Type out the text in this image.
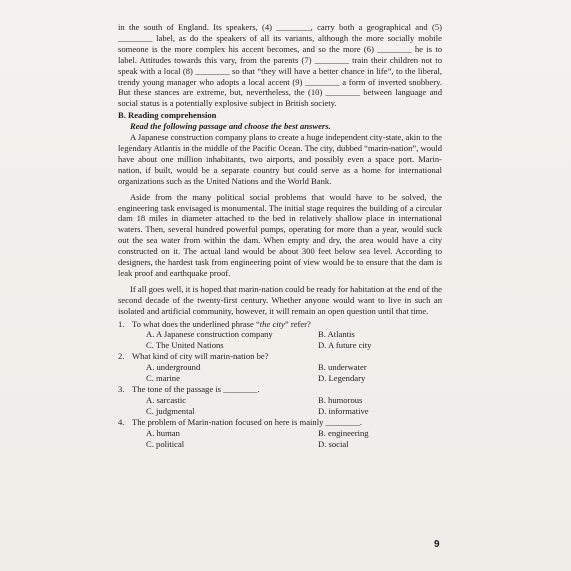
in the south of England. Its speakers, (4) ________, carry both a geographical and (5) ________ label, as do the speakers of all its variants, although the more socially mobile someone is the more complex his accent becomes, and so the more (6) ________ he is to label. Attitudes towards this vary, from the parents (7) ________ train their children not to speak with a local (8) ________ so that “they will have a better chance in life”, to the liberal, trendy young manager who adopts a local accent (9) ________ a form of inverted snobbery. But these stances are extreme, but, nevertheless, the (10) ________ between language and social status is a potentially explosive subject in British society.

B. Reading comprehension

Read the following passage and choose the best answers.

A Japanese construction company plans to create a huge independent city-state, akin to the legendary Atlantis in the middle of the Pacific Ocean. The city, dubbed “marin-nation”, would have about one million inhabitants, two airports, and possibly even a space port. Marin-nation, if built, would be a separate country but could serve as a home for international organizations such as the United Nations and the World Bank.

Aside from the many political social problems that would have to be solved, the engineering task envisaged is monumental. The initial stage requires the building of a circular dam 18 miles in diameter attached to the bed in relatively shallow place in international waters. Then, several hundred powerful pumps, operating for more than a year, would suck out the sea water from within the dam. When empty and dry, the area would have a city constructed on it. The actual land would be about 300 feet below sea level. According to designers, the hardest task from engineering point of view would be to ensure that the dam is leak proof and earthquake proof.

If all goes well, it is hoped that marin-nation could be ready for habitation at the end of the second decade of the twenty-first century. Whether anyone would want to live in such an isolated and artificial community, however, it will remain an open question until that time.

1. To what does the underlined phrase “the city” refer?

A. A Japanese construction company	B. Atlantis
C. The United Nations	D. A future city

2. What kind of city will marin-nation be?

A. underground	B. underwater
C. marine	D. Legendary

3. The tone of the passage is ________.

A. sarcastic	B. humorous
C. judgmental	D. informative

4. The problem of Marin-nation focused on here is mainly ________.

A. human	B. engineering
C. political	D. social
9
